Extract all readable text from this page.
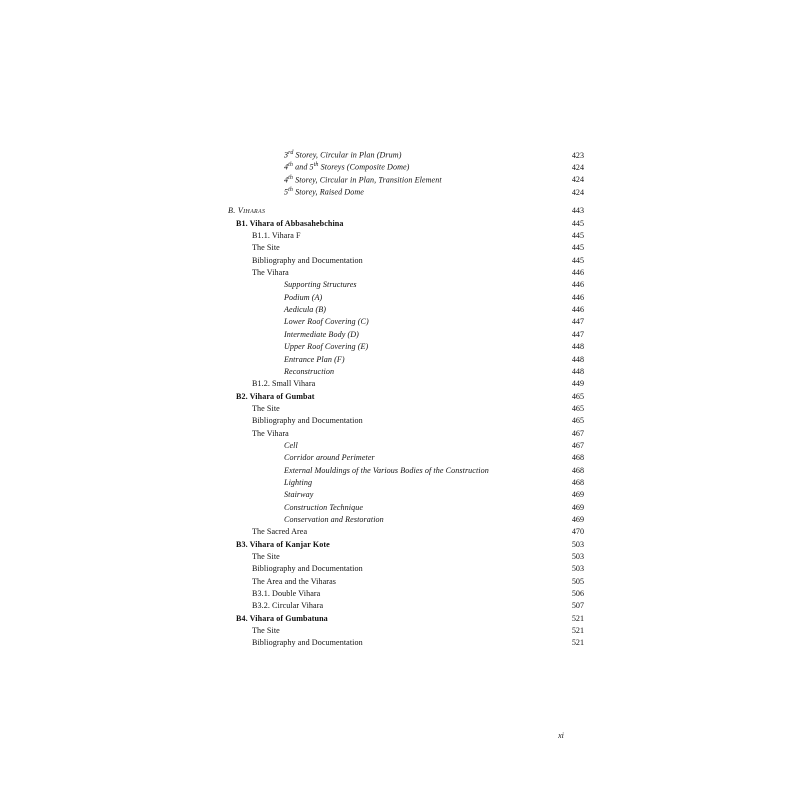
3rd Storey, Circular in Plan (Drum)	423
4th and 5th Storeys (Composite Dome)	424
4th Storey, Circular in Plan, Transition Element	424
5th Storey, Raised Dome	424
B. Viharas	443
B1. Vihara of Abbasahebchina	445
B1.1. Vihara F	445
The Site	445
Bibliography and Documentation	445
The Vihara	446
Supporting Structures	446
Podium (A)	446
Aedicula (B)	446
Lower Roof Covering (C)	447
Intermediate Body (D)	447
Upper Roof Covering (E)	448
Entrance Plan (F)	448
Reconstruction	448
B1.2. Small Vihara	449
B2. Vihara of Gumbat	465
The Site	465
Bibliography and Documentation	465
The Vihara	467
Cell	467
Corridor around Perimeter	468
External Mouldings of the Various Bodies of the Construction	468
Lighting	468
Stairway	469
Construction Technique	469
Conservation and Restoration	469
The Sacred Area	470
B3. Vihara of Kanjar Kote	503
The Site	503
Bibliography and Documentation	503
The Area and the Viharas	505
B3.1. Double Vihara	506
B3.2. Circular Vihara	507
B4. Vihara of Gumbatuna	521
The Site	521
Bibliography and Documentation	521
xi
